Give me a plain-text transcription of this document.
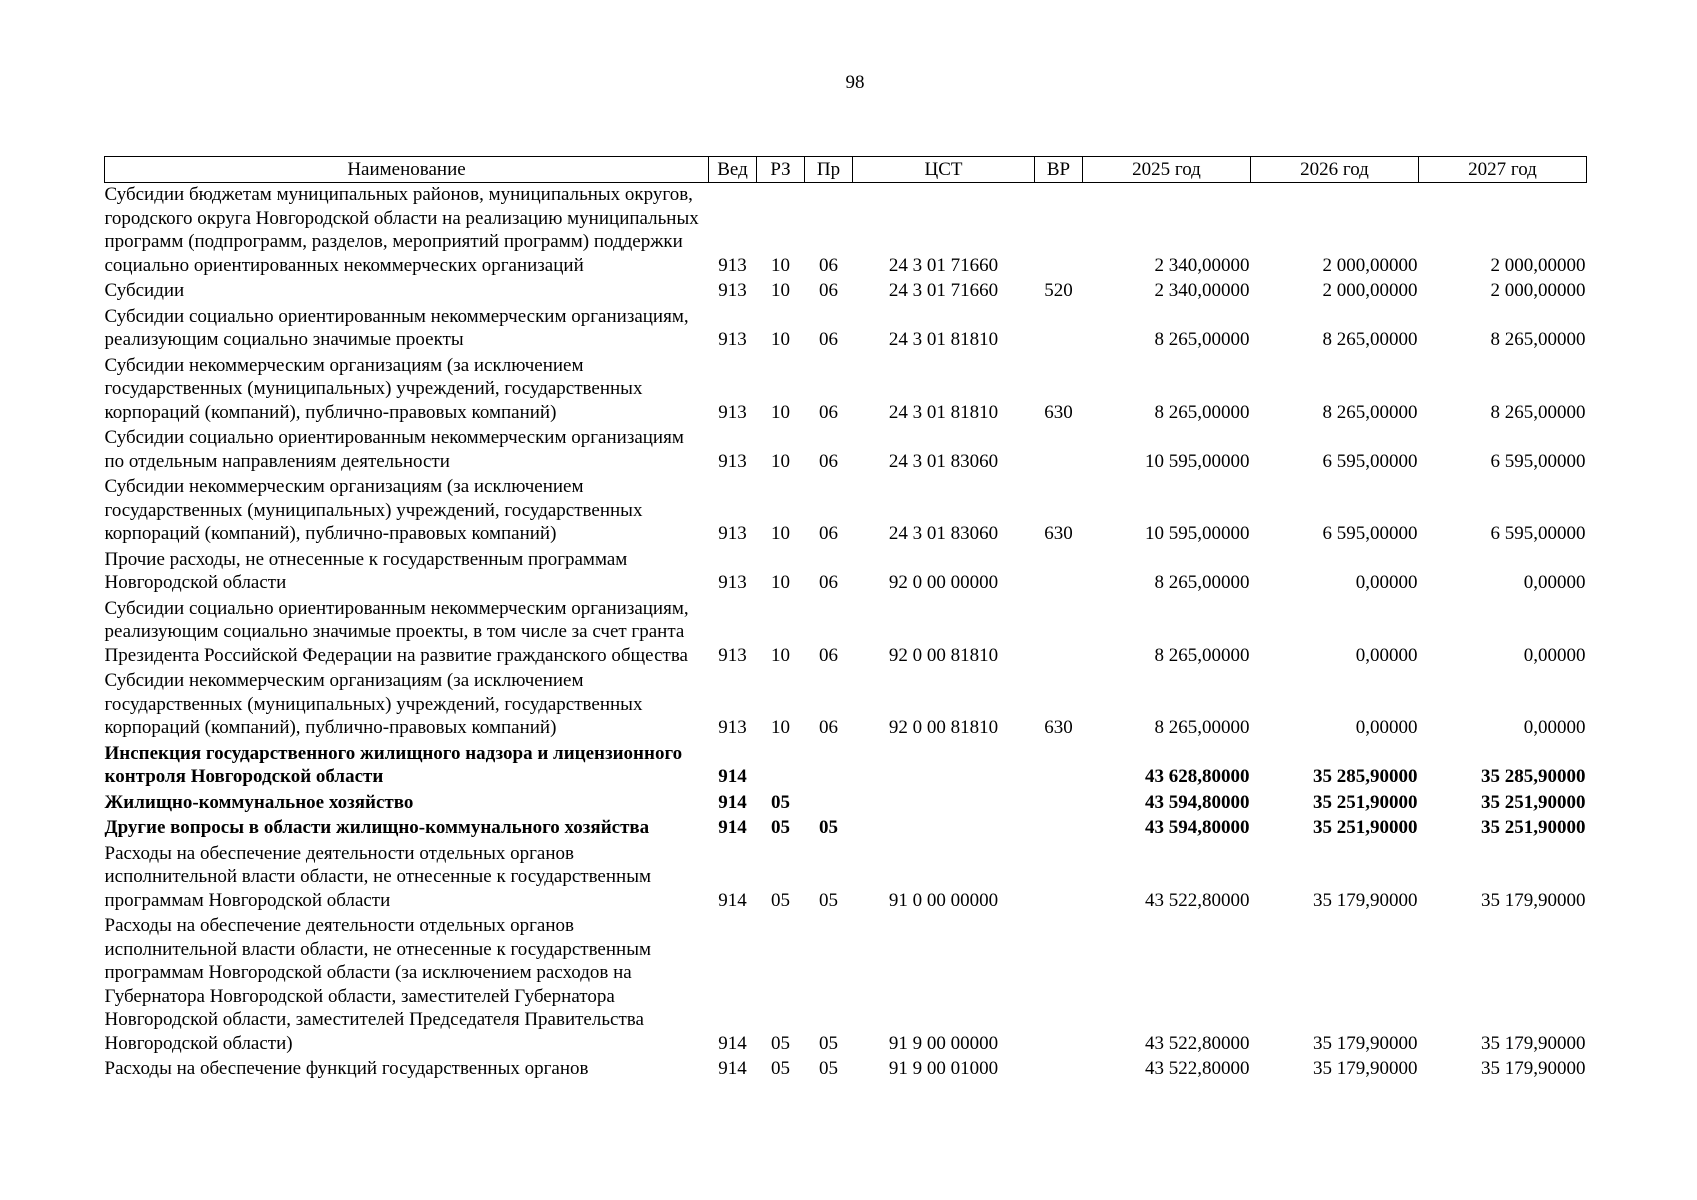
98
Наименование	Вед	РЗ	Пр	ЦСТ	ВР	2025 год	2026 год	2027 год
Субсидии бюджетам муниципальных районов, муниципальных округов, городского округа Новгородской области на реализацию муниципальных программ (подпрограмм, разделов, мероприятий программ) поддержки социально ориентированных некоммерческих организаций	913	10	06	24 3 01 71660		2 340,00000	2 000,00000	2 000,00000
Субсидии	913	10	06	24 3 01 71660	520	2 340,00000	2 000,00000	2 000,00000
Субсидии социально ориентированным некоммерческим организациям, реализующим социально значимые проекты	913	10	06	24 3 01 81810		8 265,00000	8 265,00000	8 265,00000
Субсидии некоммерческим организациям (за исключением государственных (муниципальных) учреждений, государственных корпораций (компаний), публично-правовых компаний)	913	10	06	24 3 01 81810	630	8 265,00000	8 265,00000	8 265,00000
Субсидии социально ориентированным некоммерческим организациям по отдельным направлениям деятельности	913	10	06	24 3 01 83060		10 595,00000	6 595,00000	6 595,00000
Субсидии некоммерческим организациям (за исключением государственных (муниципальных) учреждений, государственных корпораций (компаний), публично-правовых компаний)	913	10	06	24 3 01 83060	630	10 595,00000	6 595,00000	6 595,00000
Прочие расходы, не отнесенные к государственным программам Новгородской области	913	10	06	92 0 00 00000		8 265,00000	0,00000	0,00000
Субсидии социально ориентированным некоммерческим организациям, реализующим социально значимые проекты, в том числе за счет гранта Президента Российской Федерации на развитие гражданского общества	913	10	06	92 0 00 81810		8 265,00000	0,00000	0,00000
Субсидии некоммерческим организациям (за исключением государственных (муниципальных) учреждений, государственных корпораций (компаний), публично-правовых компаний)	913	10	06	92 0 00 81810	630	8 265,00000	0,00000	0,00000
Инспекция государственного жилищного надзора и лицензионного контроля Новгородской области	914					43 628,80000	35 285,90000	35 285,90000
Жилищно-коммунальное хозяйство	914	05				43 594,80000	35 251,90000	35 251,90000
Другие вопросы в области жилищно-коммунального хозяйства	914	05	05			43 594,80000	35 251,90000	35 251,90000
Расходы на обеспечение деятельности отдельных органов исполнительной власти области, не отнесенные к государственным программам Новгородской области	914	05	05	91 0 00 00000		43 522,80000	35 179,90000	35 179,90000
Расходы на обеспечение деятельности отдельных органов исполнительной власти области, не отнесенные к государственным программам Новгородской области (за исключением расходов на Губернатора Новгородской области, заместителей Губернатора Новгородской области, заместителей Председателя Правительства Новгородской области)	914	05	05	91 9 00 00000		43 522,80000	35 179,90000	35 179,90000
Расходы на обеспечение функций государственных органов	914	05	05	91 9 00 01000		43 522,80000	35 179,90000	35 179,90000
